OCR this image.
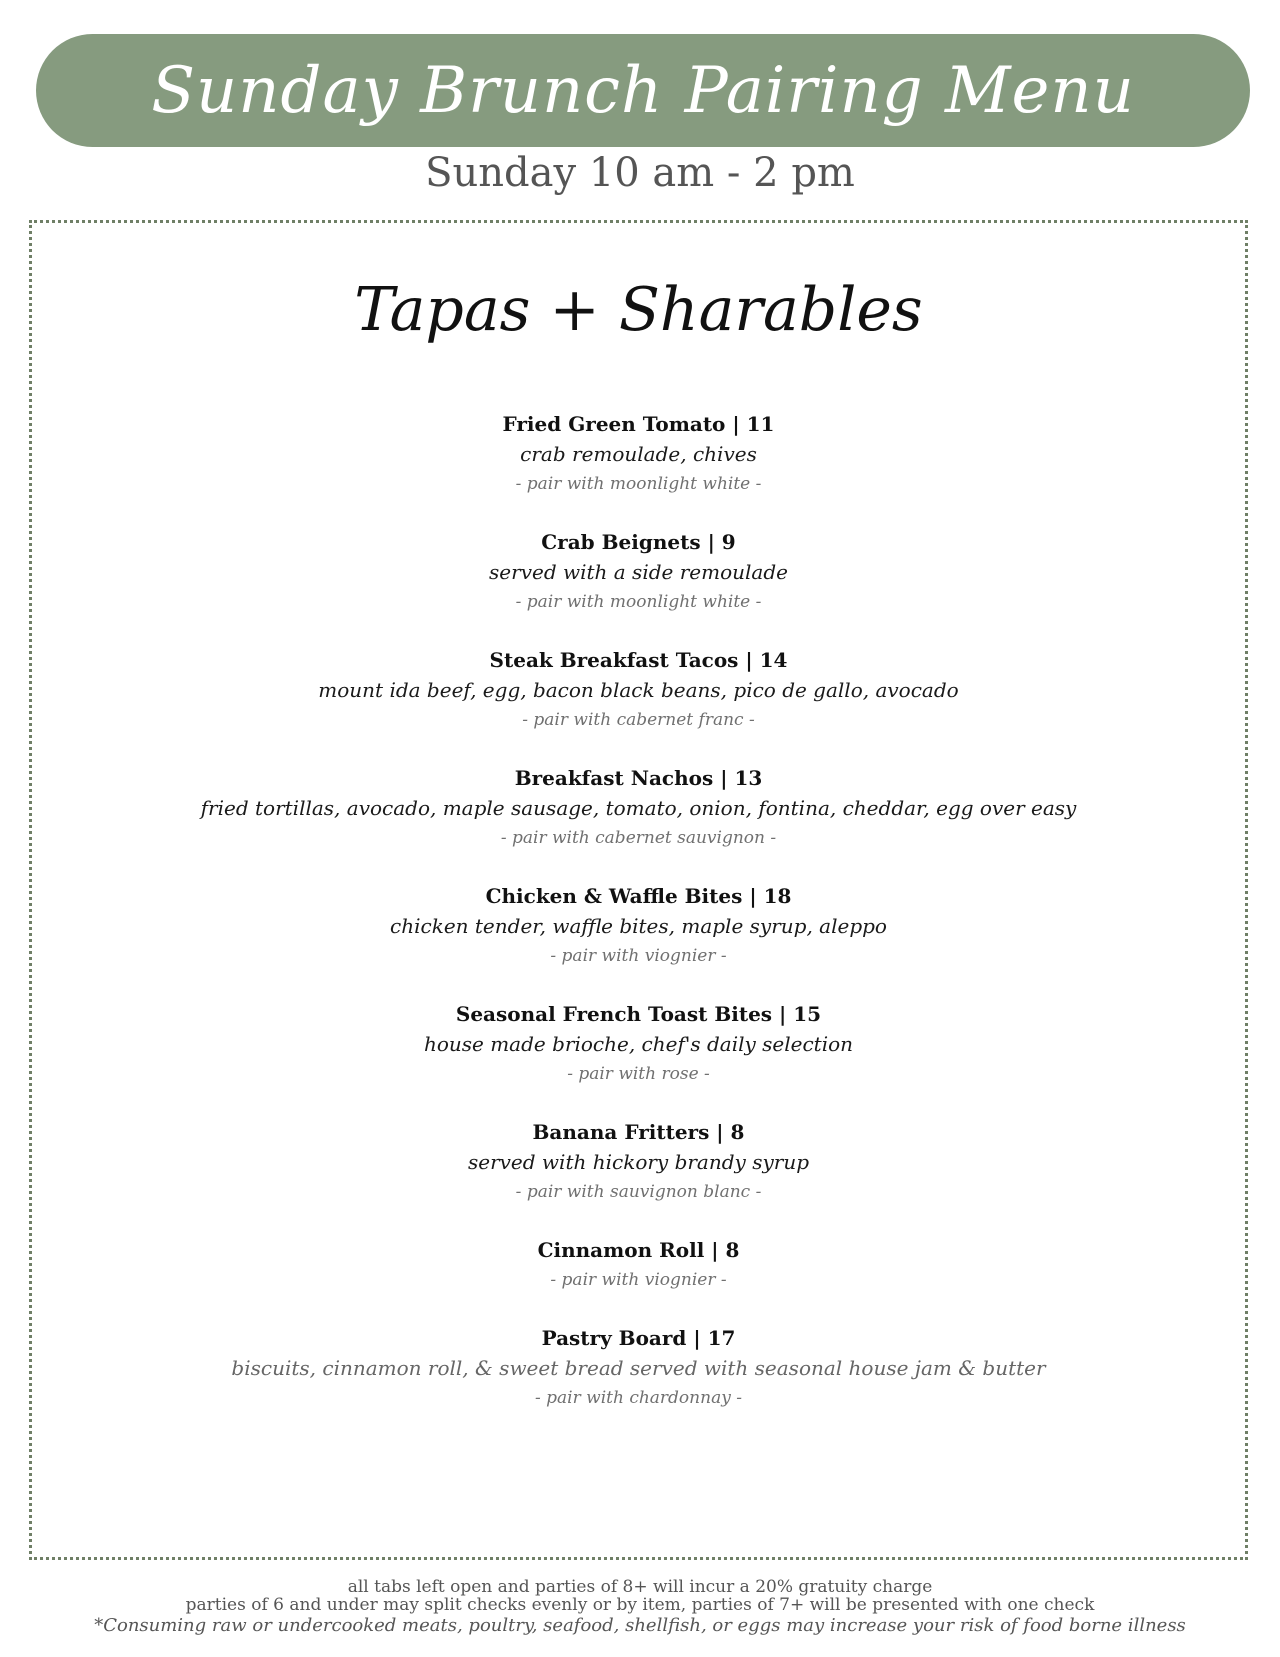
Sunday Brunch Pairing Menu
Sunday 10 am - 2 pm
Tapas + Sharables
Fried Green Tomato | 11
crab remoulade, chives
- pair with moonlight white -
Crab Beignets | 9
served with a side remoulade
- pair with moonlight white -
Steak Breakfast Tacos | 14
mount ida beef, egg, bacon black beans, pico de gallo, avocado
- pair with cabernet franc -
Breakfast Nachos | 13
fried tortillas, avocado, maple sausage, tomato, onion, fontina, cheddar, egg over easy
- pair with cabernet sauvignon -
Chicken & Waffle Bites | 18
chicken tender, waffle bites, maple syrup, aleppo
- pair with viognier -
Seasonal French Toast Bites | 15
house made brioche, chef's daily selection
- pair with rose -
Banana Fritters | 8
served with hickory brandy syrup
- pair with sauvignon blanc -
Cinnamon Roll | 8
- pair with viognier -
Pastry Board | 17
biscuits, cinnamon roll, & sweet bread served with seasonal house jam & butter
- pair with chardonnay -
all tabs left open and parties of 8+ will incur a 20% gratuity charge
parties of 6 and under may split checks evenly or by item, parties of 7+ will be presented with one check
*Consuming raw or undercooked meats, poultry, seafood, shellfish, or eggs may increase your risk of food borne illness
